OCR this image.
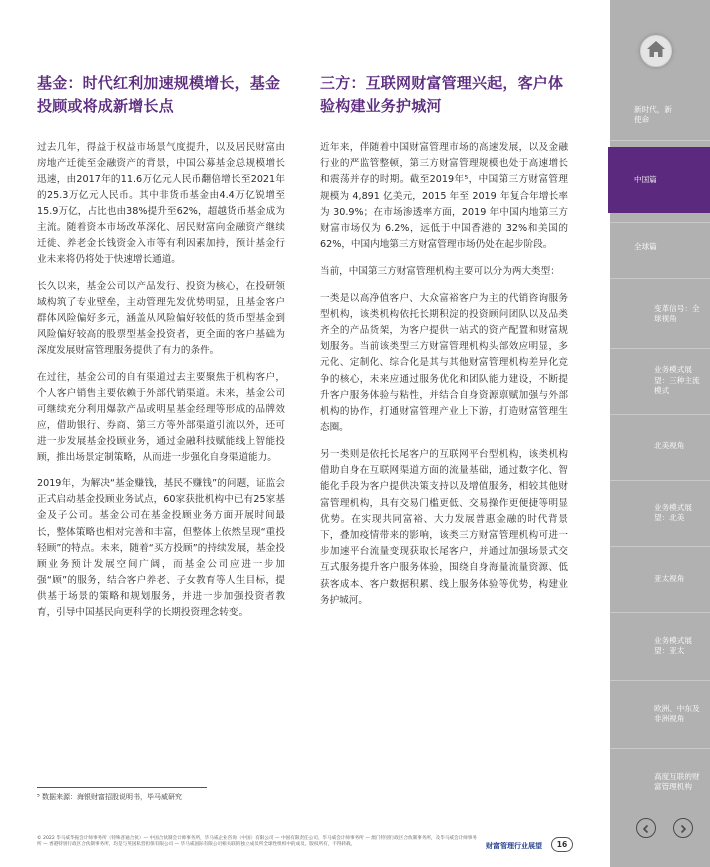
基金：时代红利加速规模增长，基金投顾或将成新增长点

过去几年，得益于权益市场景气度提升，以及居民财富由房地产迁徙至金融资产的背景，中国公募基金总规模增长迅速，由2017年的11.6万亿元人民币翻倍增长至2021年的25.3万亿元人民币。其中非货币基金由4.4万亿锐增至15.9万亿，占比也由38%提升至62%，超越货币基金成为主流。随着资本市场改革深化、居民财富向金融资产继续迁徙、养老金长钱资金入市等有利因素加持，预计基金行业未来将仍将处于快速增长通道。

长久以来，基金公司以产品发行、投资为核心，在投研领域构筑了专业壁垒，主动管理先发优势明显，且基金客户群体风险偏好多元，涵盖从风险偏好较低的货币型基金到风险偏好较高的股票型基金投资者，更全面的客户基础为深度发展财富管理服务提供了有力的条件。

在过往，基金公司的自有渠道过去主要聚焦于机构客户，个人客户销售主要依赖于外部代销渠道。未来，基金公司可继续充分利用爆款产品或明星基金经理等形成的品牌效应，借助银行、券商、第三方等外部渠道引流以外，还可进一步发展基金投顾业务，通过金融科技赋能线上智能投顾，推出场景定制策略，从而进一步强化自身渠道能力。

2019年，为解决“基金赚钱，基民不赚钱”的问题，证监会正式启动基金投顾业务试点，60家获批机构中已有25家基金及子公司。基金公司在基金投顾业务方面开展时间最长，整体策略也相对完善和丰富，但整体上依然呈现“重投轻顾”的特点。未来，随着“买方投顾”的持续发展，基金投顾业务预计发展空间广阔，而基金公司应进一步加强“顾”的服务，结合客户养老、子女教育等人生目标，提供基于场景的策略和规划服务，并进一步加强投资者教育，引导中国基民向更科学的长期投资理念转变。

三方：互联网财富管理兴起，客户体验构建业务护城河

近年来，伴随着中国财富管理市场的高速发展，以及金融行业的严监管整顿，第三方财富管理规模也处于高速增长和震荡并存的时期。截至2019年⁵，中国第三方财富管理规模为 4,891 亿美元，2015 年至 2019 年复合年增长率为 30.9%；在市场渗透率方面，2019 年中国内地第三方财富市场仅为 6.2%，远低于中国香港的 32%和美国的 62%，中国内地第三方财富管理市场仍处在起步阶段。

当前，中国第三方财富管理机构主要可以分为两大类型：

一类是以高净值客户、大众富裕客户为主的代销咨询服务型机构，该类机构依托长期积淀的投资顾问团队以及品类齐全的产品货架，为客户提供一站式的资产配置和财富规划服务。当前该类型三方财富管理机构头部效应明显，多元化、定制化、综合化是其与其他财富管理机构差异化竞争的核心，未来应通过服务优化和团队能力建设，不断提升客户服务体验与粘性，并结合自身资源禀赋加强与外部机构的协作，打通财富管理产业上下游，打造财富管理生态圈。

另一类则是依托长尾客户的互联网平台型机构，该类机构借助自身在互联网渠道方面的流量基础，通过数字化、智能化手段为客户提供决策支持以及增值服务，相较其他财富管理机构，具有交易门槛更低、交易操作更便捷等明显优势。在实现共同富裕、大力发展普惠金融的时代背景下，叠加疫情带来的影响，该类三方财富管理机构可进一步加速平台流量变现获取长尾客户，并通过加强场景式交互式服务提升客户服务体验，围绕自身海量流量资源、低获客成本、客户数据积累、线上服务体验等优势，构建业务护城河。

⁵ 数据来源：海银财富招股说明书，毕马威研究
© 2022 毕马威华振会计师事务所（特殊普通合伙）— 中国合伙制会计师事务所，毕马威企业咨询（中国）有限公司 — 中国有限责任公司，毕马威会计师事务所 — 澳门特别行政区合伙制事务所，及毕马威会计师事务所 — 香港特别行政区合伙制事务所，均是与英国私营担保有限公司 — 毕马威国际有限公司相关联的独立成员所全球性组织中的成员。版权所有，不得转载。	财富管理行业展望	16
新时代，新使命
中国篇
全球篇
变革信号：全球视角
业务模式展望：三种主流模式
北美视角
业务模式展望：北美
亚太视角
业务模式展望：亚太
欧洲、中东及非洲视角
高度互联的财富管理机构
